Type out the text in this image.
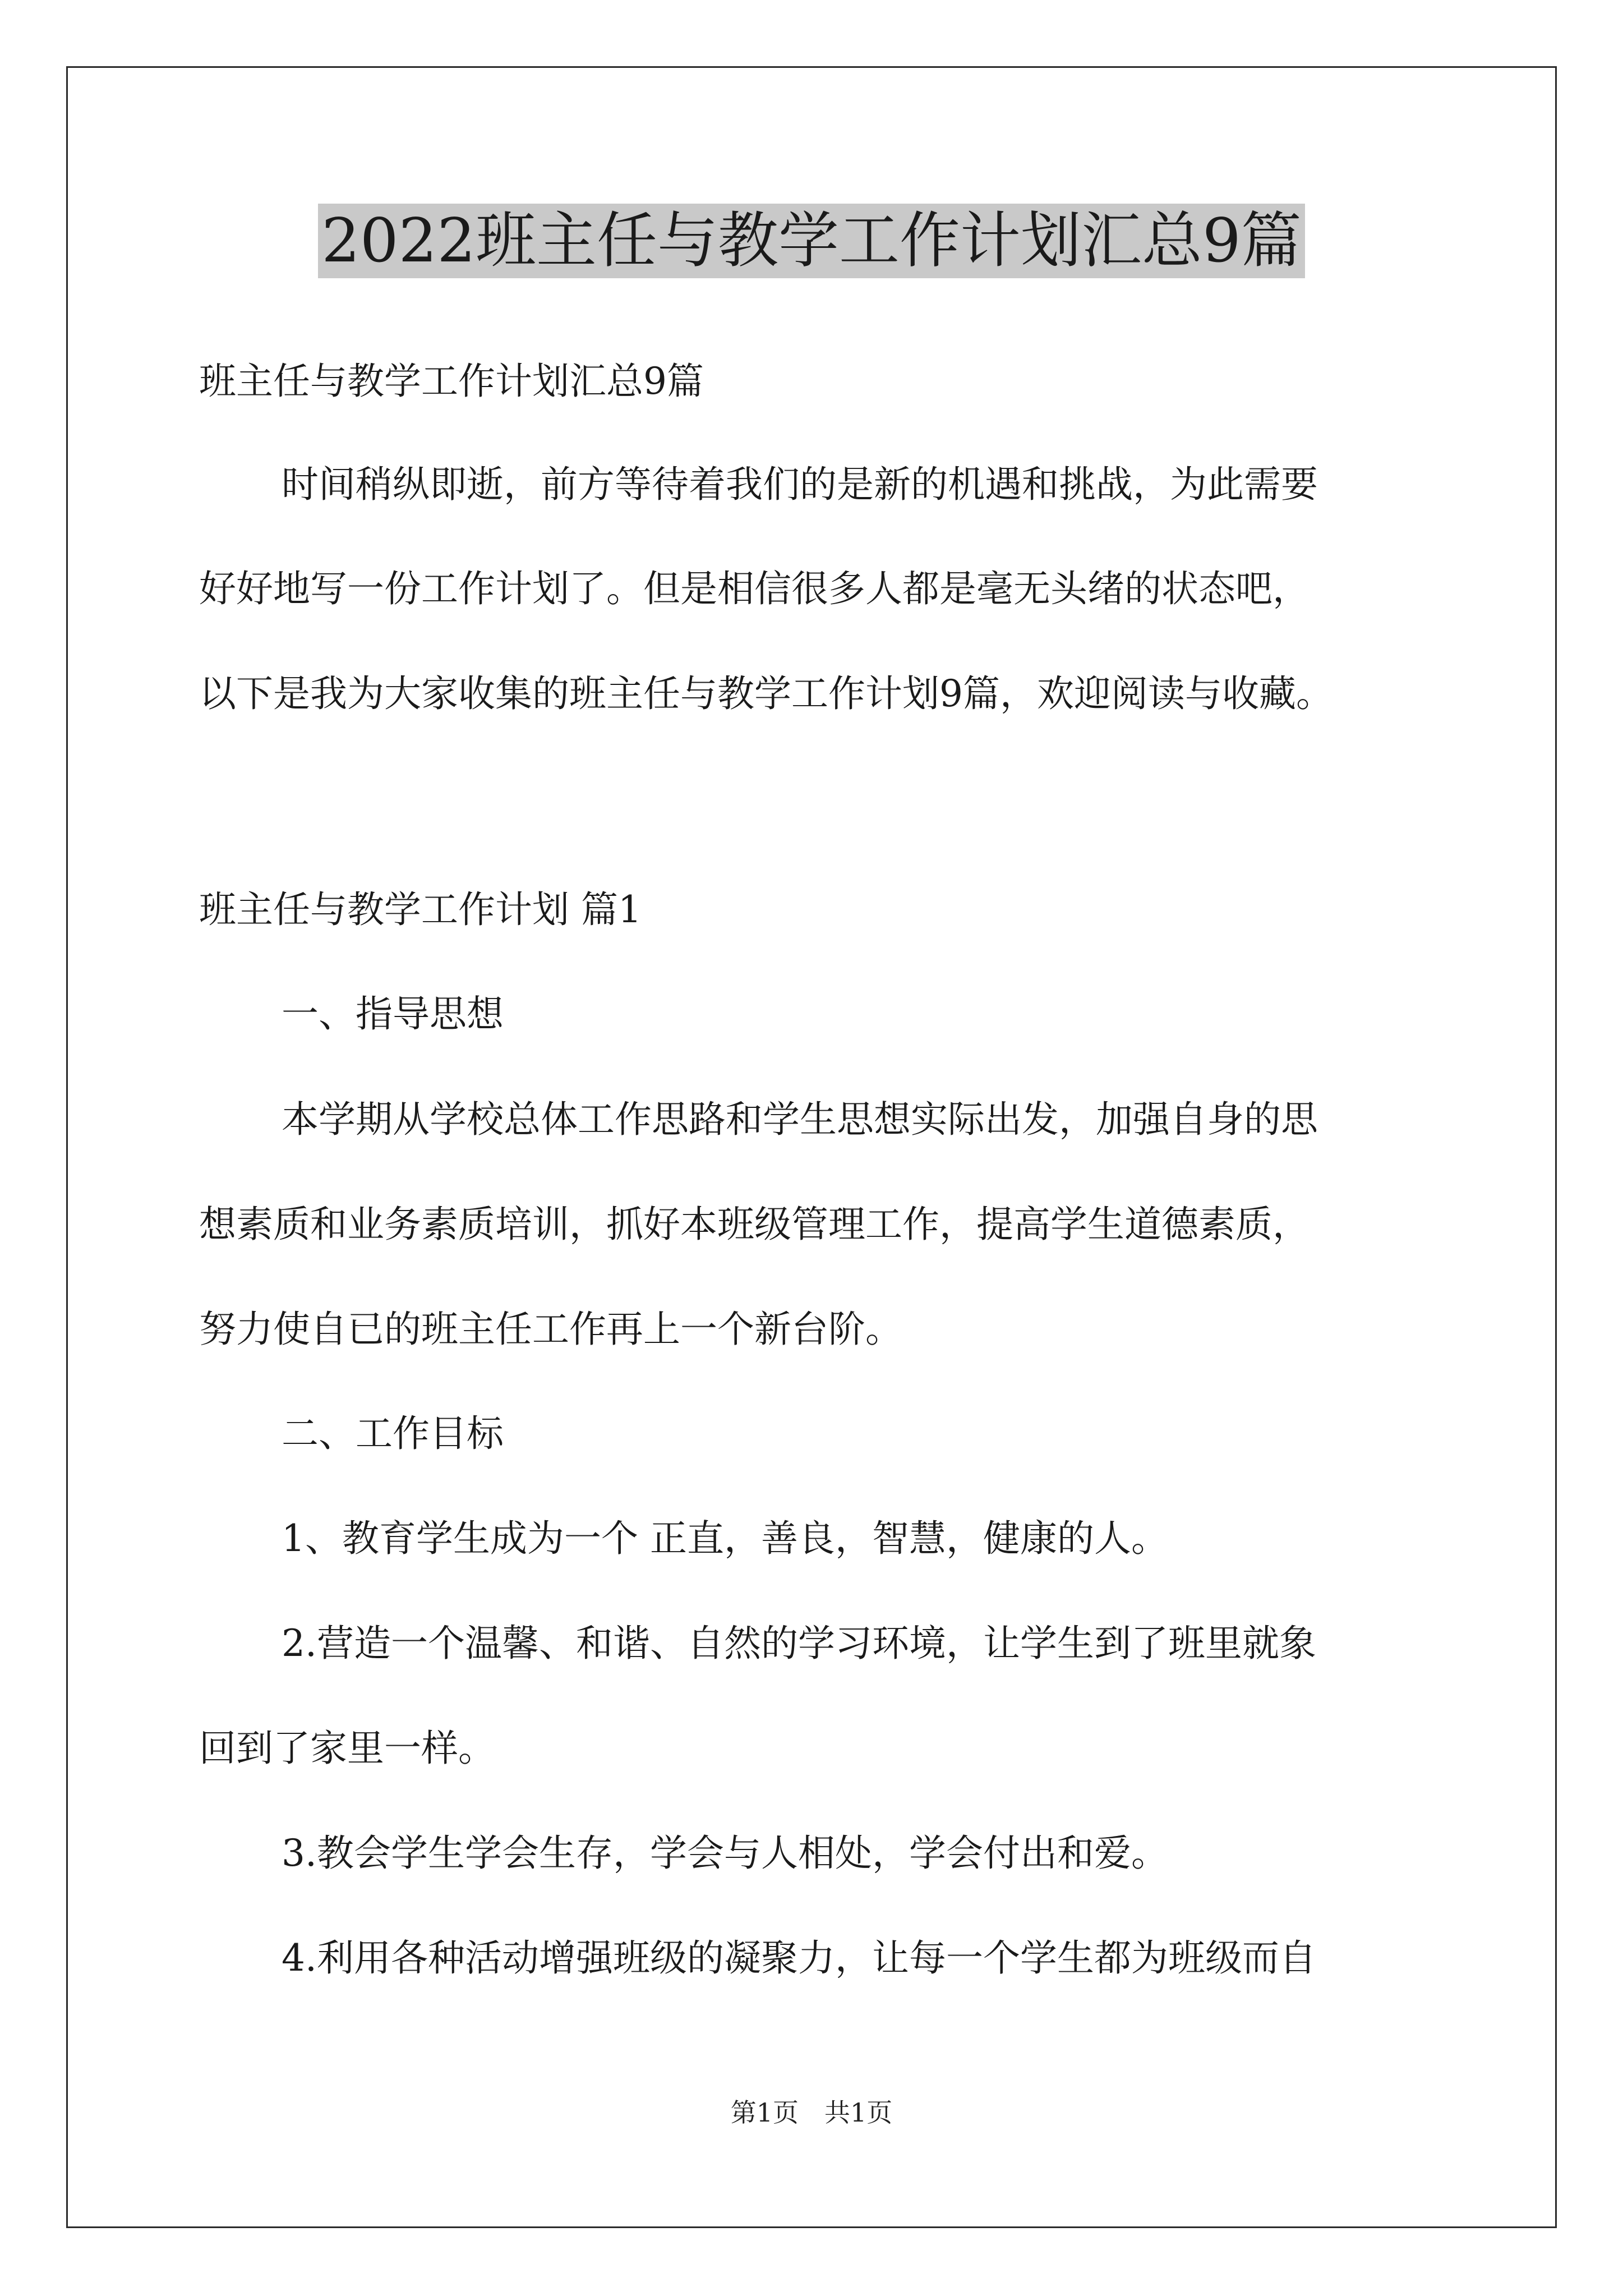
2022班主任与教学工作计划汇总9篇
班主任与教学工作计划汇总9篇
时间稍纵即逝，前方等待着我们的是新的机遇和挑战，为此需要
好好地写一份工作计划了。但是相信很多人都是毫无头绪的状态吧，
以下是我为大家收集的班主任与教学工作计划9篇，欢迎阅读与收藏。
班主任与教学工作计划 篇1
一、指导思想
本学期从学校总体工作思路和学生思想实际出发，加强自身的思
想素质和业务素质培训，抓好本班级管理工作，提高学生道德素质，
努力使自已的班主任工作再上一个新台阶。
二、工作目标
1、教育学生成为一个 正直，善良，智慧，健康的人。
2.营造一个温馨、和谐、自然的学习环境，让学生到了班里就象
回到了家里一样。
3.教会学生学会生存，学会与人相处，学会付出和爱。
4.利用各种活动增强班级的凝聚力，让每一个学生都为班级而自
第1页　共1页
